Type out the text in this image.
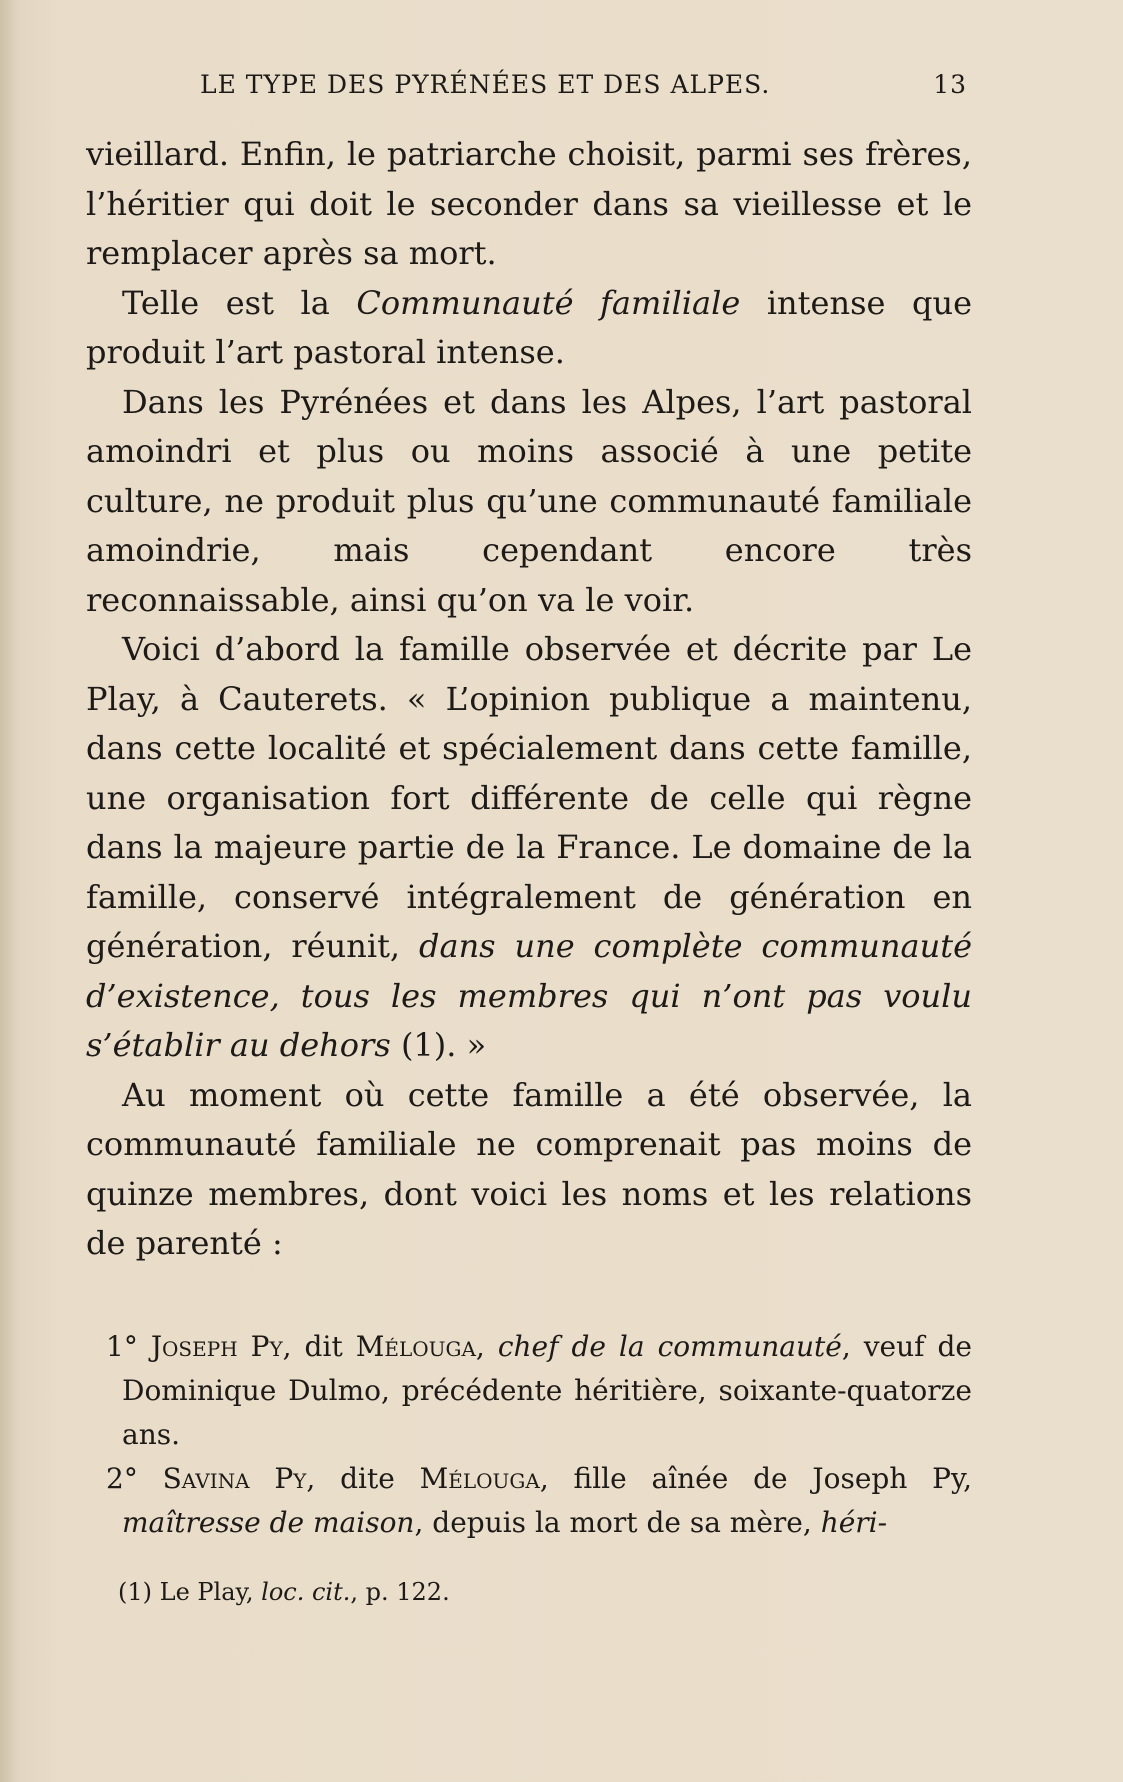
LE TYPE DES PYRÉNÉES ET DES ALPES.	13

vieillard. Enfin, le patriarche choisit, parmi ses frères, l’héritier qui doit le seconder dans sa vieillesse et le remplacer après sa mort.

Telle est la Communauté familiale intense que produit l’art pastoral intense.

Dans les Pyrénées et dans les Alpes, l’art pastoral amoindri et plus ou moins associé à une petite culture, ne produit plus qu’une communauté familiale amoindrie, mais cependant encore très reconnaissable, ainsi qu’on va le voir.

Voici d’abord la famille observée et décrite par Le Play, à Cauterets. « L’opinion publique a maintenu, dans cette localité et spécialement dans cette famille, une organisation fort différente de celle qui règne dans la majeure partie de la France. Le domaine de la famille, conservé intégralement de génération en génération, réunit, dans une complète communauté d’existence, tous les membres qui n’ont pas voulu s’établir au dehors (1). »

Au moment où cette famille a été observée, la communauté familiale ne comprenait pas moins de quinze membres, dont voici les noms et les relations de parenté :

1° Joseph Py, dit Mélouga, chef de la communauté, veuf de Dominique Dulmo, précédente héritière, soixante-quatorze ans.

2° Savina Py, dite Mélouga, fille aînée de Joseph Py, maîtresse de maison, depuis la mort de sa mère, héri-

(1) Le Play, loc. cit., p. 122.
